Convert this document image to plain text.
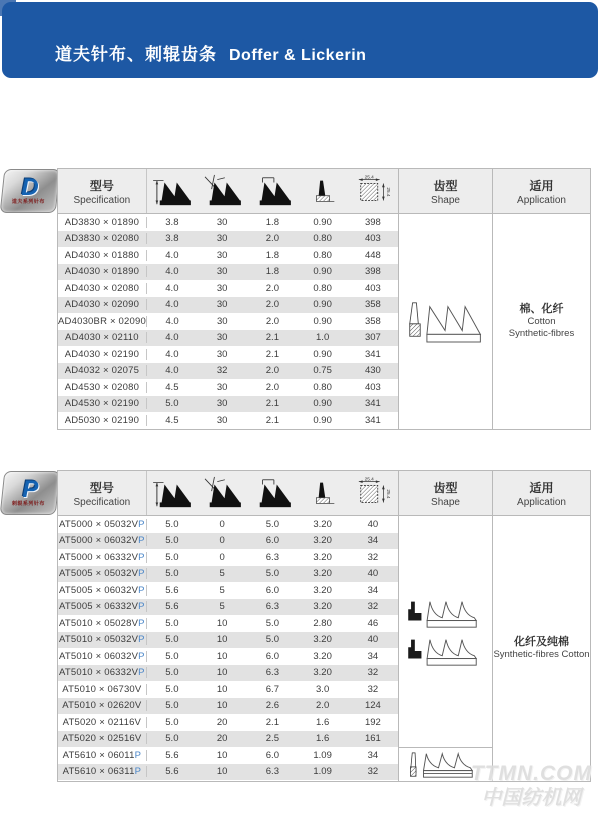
道夫针布、刺辊齿条 Doffer & Lickerin
D
道夫系列针布
型号
Specification
25.4
25.4
AD3830 × 01890	3.8	30	1.8	0.90	398
AD3830 × 02080	3.8	30	2.0	0.80	403
AD4030 × 01880	4.0	30	1.8	0.80	448
AD4030 × 01890	4.0	30	1.8	0.90	398
AD4030 × 02080	4.0	30	2.0	0.80	403
AD4030 × 02090	4.0	30	2.0	0.90	358
AD4030BR × 02090	4.0	30	2.0	0.90	358
AD4030 × 02110	4.0	30	2.1	1.0	307
AD4030 × 02190	4.0	30	2.1	0.90	341
AD4032 × 02075	4.0	32	2.0	0.75	430
AD4530 × 02080	4.5	30	2.0	0.80	403
AD4530 × 02190	5.0	30	2.1	0.90	341
AD5030 × 02190	4.5	30	2.1	0.90	341
齿型
Shape
适用
Application
棉、化纤
Cotton
Synthetic-fibres
P
刺辊系列针布
型号
Specification
25.4
25.4
AT5000 × 05032VP	5.0	0	5.0	3.20	40
AT5000 × 06032VP	5.0	0	6.0	3.20	34
AT5000 × 06332VP	5.0	0	6.3	3.20	32
AT5005 × 05032VP	5.0	5	5.0	3.20	40
AT5005 × 06032VP	5.6	5	6.0	3.20	34
AT5005 × 06332VP	5.6	5	6.3	3.20	32
AT5010 × 05028VP	5.0	10	5.0	2.80	46
AT5010 × 05032VP	5.0	10	5.0	3.20	40
AT5010 × 06032VP	5.0	10	6.0	3.20	34
AT5010 × 06332VP	5.0	10	6.3	3.20	32
AT5010 × 06730V	5.0	10	6.7	3.0	32
AT5010 × 02620V	5.0	10	2.6	2.0	124
AT5020 × 02116V	5.0	20	2.1	1.6	192
AT5020 × 02516V	5.0	20	2.5	1.6	161
AT5610 × 06011P	5.6	10	6.0	1.09	34
AT5610 × 06311P	5.6	10	6.3	1.09	32
齿型
Shape
适用
Application
化纤及纯棉
Synthetic-fibres Cotton
TTMN.COM
中国纺机网
